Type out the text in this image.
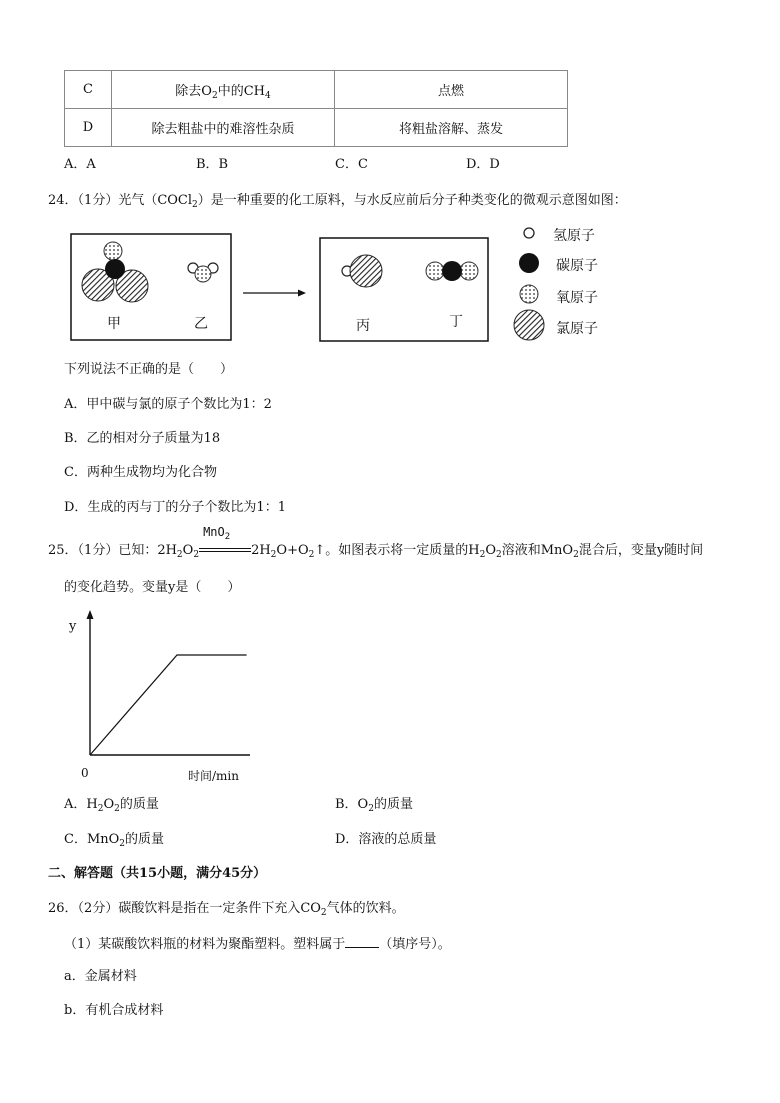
C	除去$O_2$中的$CH_4$	点燃
D	除去粗盐中的难溶性杂质	将粗盐溶解、蒸发
A．A	B．B	C．C	D．D
24．（1分）光气（COCl$_2$）是一种重要的化工原料，与水反应前后分子种类变化的微观示意图如图：
甲	乙	丙	丁
氢原子
碳原子
氧原子
氯原子
下列说法不正确的是（　　）
A．甲中碳与氯的原子个数比为1：2
B．乙的相对分子质量为18
C．两种生成物均为化合物
D．生成的丙与丁的分子个数比为1：1
25．（1分）已知：$2H_2O_2$
MnO$_2$
$2H_2O+O_2↑$。如图表示将一定质量的$H_2O_2$溶液和MnO$_2$混合后，变量y随时间
的变化趋势。变量y是（　　）
y
0	时间/min
A．$H_2O_2$的质量	B．$O_2$的质量
C．MnO$_2$的质量	D．溶液的总质量
二、解答题（共15小题，满分45分）
26．（2分）碳酸饮料是指在一定条件下充入$CO_2$气体的饮料。
（1）某碳酸饮料瓶的材料为聚酯塑料。塑料属于	（填序号）。
a．金属材料
b．有机合成材料
